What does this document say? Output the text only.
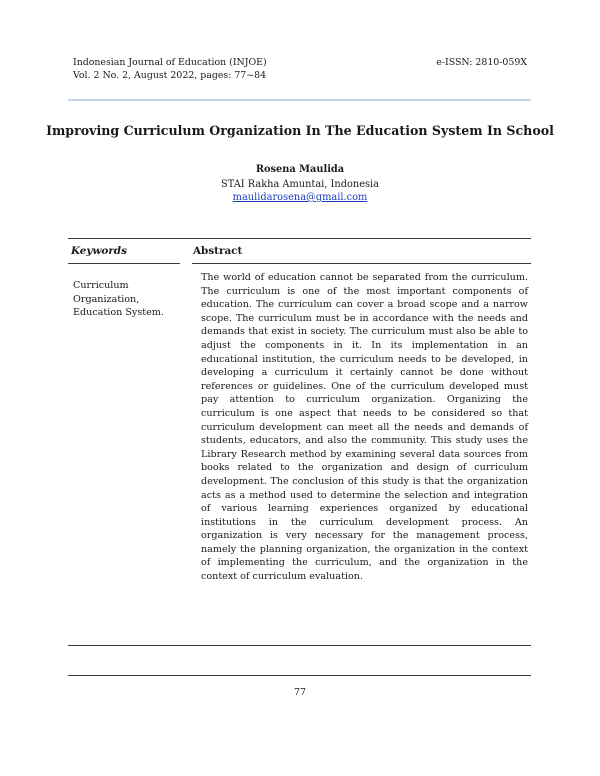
Indonesian Journal of Education (INJOE)
Vol. 2 No. 2, August 2022, pages: 77~84
e-ISSN: 2810-059X
Improving Curriculum Organization In The Education System In School
Rosena Maulida
STAI Rakha Amuntai, Indonesia
maulidarosena@gmail.com
Keywords	Abstract
Curriculum
Organization,
Education System.
The world of education cannot be separated from the curriculum. The curriculum is one of the most important components of education. The curriculum can cover a broad scope and a narrow scope. The curriculum must be in accordance with the needs and demands that exist in society. The curriculum must also be able to adjust the components in it. In its implementation in an educational institution, the curriculum needs to be developed, in developing a curriculum it certainly cannot be done without references or guidelines. One of the curriculum developed must pay attention to curriculum organization. Organizing the curriculum is one aspect that needs to be considered so that curriculum development can meet all the needs and demands of students, educators, and also the community. This study uses the Library Research method by examining several data sources from books related to the organization and design of curriculum development. The conclusion of this study is that the organization acts as a method used to determine the selection and integration of various learning experiences organized by educational institutions in the curriculum development process. An organization is very necessary for the management process, namely the planning organization, the organization in the context of implementing the curriculum, and the organization in the context of curriculum evaluation.
77
